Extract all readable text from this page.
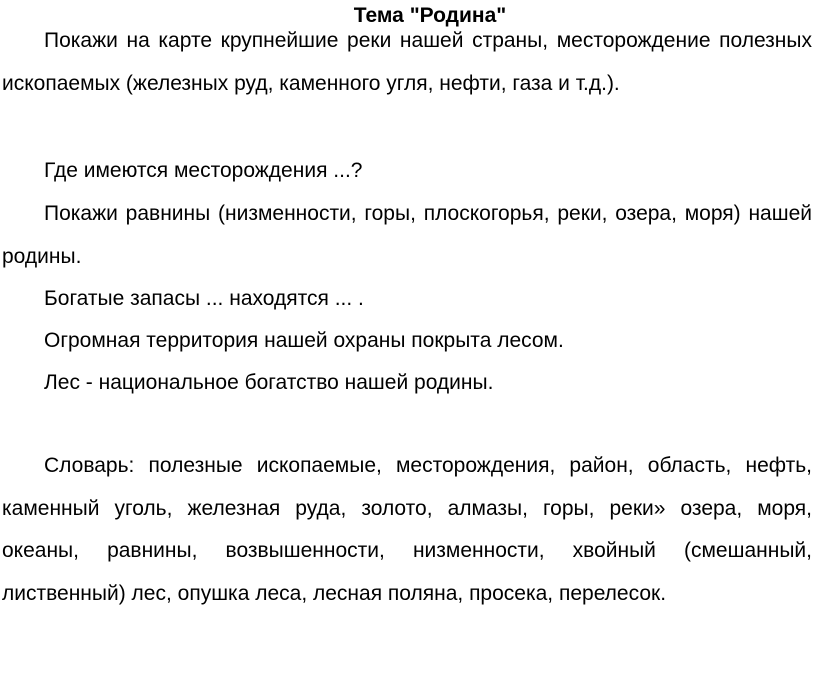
Тема "Родина"

Покажи на карте крупнейшие реки нашей страны, месторождение полезных ископаемых (железных руд, каменного угля, нефти, газа и т.д.).

Где имеются месторождения ...?

Покажи равнины (низменности, горы, плоскогорья, реки, озера, моря) нашей родины.

Богатые запасы ... находятся ... .

Огромная территория нашей охраны покрыта лесом.

Лес - национальное богатство нашей родины.

Словарь: полезные ископаемые, месторождения, район, область, нефть, каменный уголь, железная руда, золото, алмазы, горы, реки» озера, моря, океаны, равнины, возвышенности, низменности, хвойный (смешанный, лиственный) лес, опушка леса, лесная поляна, просека, перелесок.
